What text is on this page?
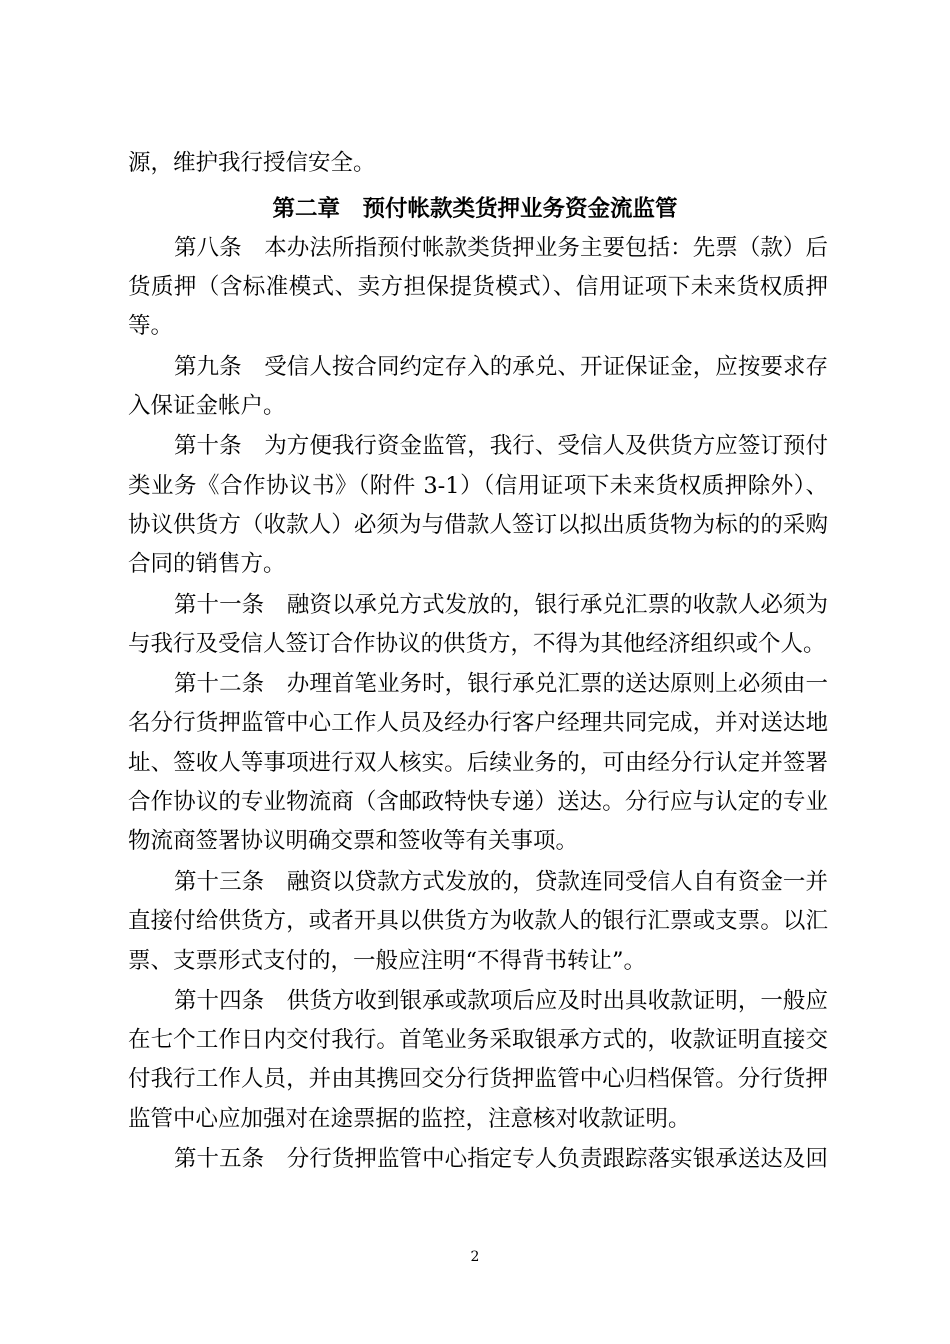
源，维护我行授信安全。
第二章　预付帐款类货押业务资金流监管
第八条　本办法所指预付帐款类货押业务主要包括：先票（款）后
货质押（含标准模式、卖方担保提货模式）、信用证项下未来货权质押
等。
第九条　受信人按合同约定存入的承兑、开证保证金，应按要求存
入保证金帐户。
第十条　为方便我行资金监管，我行、受信人及供货方应签订预付
类业务《合作协议书》（附件 3-1）（信用证项下未来货权质押除外）、
协议供货方（收款人）必须为与借款人签订以拟出质货物为标的的采购
合同的销售方。
第十一条　融资以承兑方式发放的，银行承兑汇票的收款人必须为
与我行及受信人签订合作协议的供货方，不得为其他经济组织或个人。
第十二条　办理首笔业务时，银行承兑汇票的送达原则上必须由一
名分行货押监管中心工作人员及经办行客户经理共同完成，并对送达地
址、签收人等事项进行双人核实。后续业务的，可由经分行认定并签署
合作协议的专业物流商（含邮政特快专递）送达。分行应与认定的专业
物流商签署协议明确交票和签收等有关事项。
第十三条　融资以贷款方式发放的，贷款连同受信人自有资金一并
直接付给供货方，或者开具以供货方为收款人的银行汇票或支票。以汇
票、支票形式支付的，一般应注明“不得背书转让”。
第十四条　供货方收到银承或款项后应及时出具收款证明，一般应
在七个工作日内交付我行。首笔业务采取银承方式的，收款证明直接交
付我行工作人员，并由其携回交分行货押监管中心归档保管。分行货押
监管中心应加强对在途票据的监控，注意核对收款证明。
第十五条　分行货押监管中心指定专人负责跟踪落实银承送达及回
2
